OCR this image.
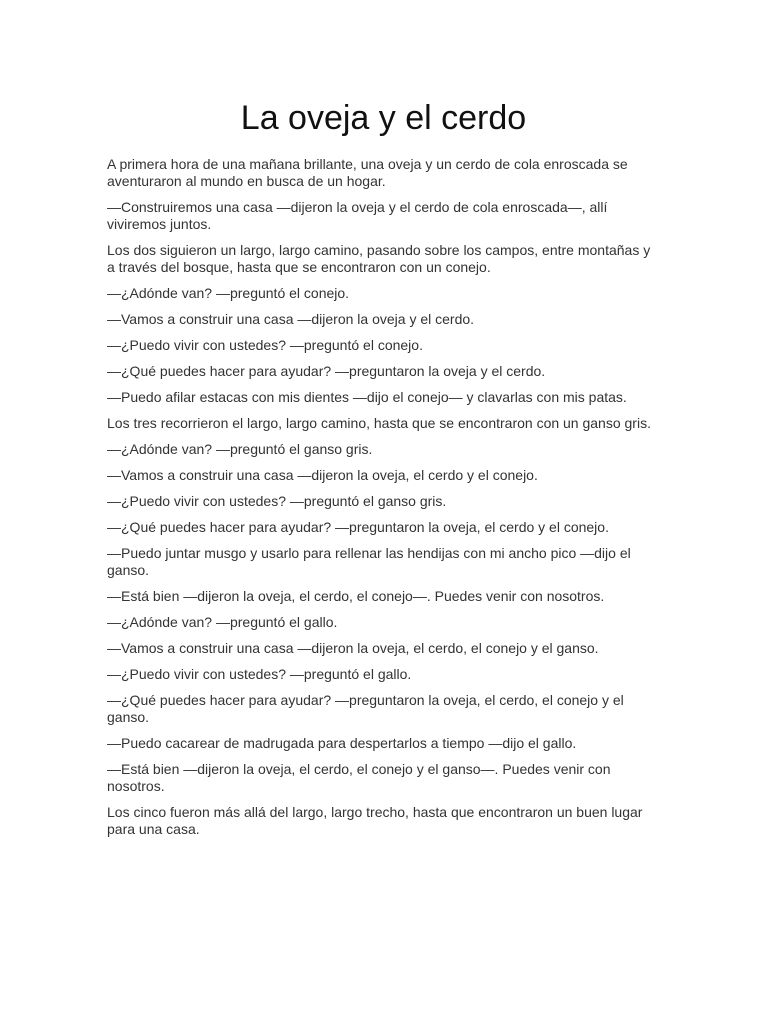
La oveja y el cerdo

A primera hora de una mañana brillante, una oveja y un cerdo de cola enroscada se aventuraron al mundo en busca de un hogar.

—Construiremos una casa —dijeron la oveja y el cerdo de cola enroscada—, allí viviremos juntos.

Los dos siguieron un largo, largo camino, pasando sobre los campos, entre montañas y a través del bosque, hasta que se encontraron con un conejo.

—¿Adónde van? —preguntó el conejo.

—Vamos a construir una casa —dijeron la oveja y el cerdo.

—¿Puedo vivir con ustedes? —preguntó el conejo.

—¿Qué puedes hacer para ayudar? —preguntaron la oveja y el cerdo.

—Puedo afilar estacas con mis dientes —dijo el conejo— y clavarlas con mis patas.

Los tres recorrieron el largo, largo camino, hasta que se encontraron con un ganso gris.

—¿Adónde van? —preguntó el ganso gris.

—Vamos a construir una casa —dijeron la oveja, el cerdo y el conejo.

—¿Puedo vivir con ustedes? —preguntó el ganso gris.

—¿Qué puedes hacer para ayudar? —preguntaron la oveja, el cerdo y el conejo.

—Puedo juntar musgo y usarlo para rellenar las hendijas con mi ancho pico —dijo el ganso.

—Está bien —dijeron la oveja, el cerdo, el conejo—. Puedes venir con nosotros.

—¿Adónde van? —preguntó el gallo.

—Vamos a construir una casa —dijeron la oveja, el cerdo, el conejo y el ganso.

—¿Puedo vivir con ustedes? —preguntó el gallo.

—¿Qué puedes hacer para ayudar? —preguntaron la oveja, el cerdo, el conejo y el ganso.

—Puedo cacarear de madrugada para despertarlos a tiempo —dijo el gallo.

—Está bien —dijeron la oveja, el cerdo, el conejo y el ganso—. Puedes venir con nosotros.

Los cinco fueron más allá del largo, largo trecho, hasta que encontraron un buen lugar para una casa.
